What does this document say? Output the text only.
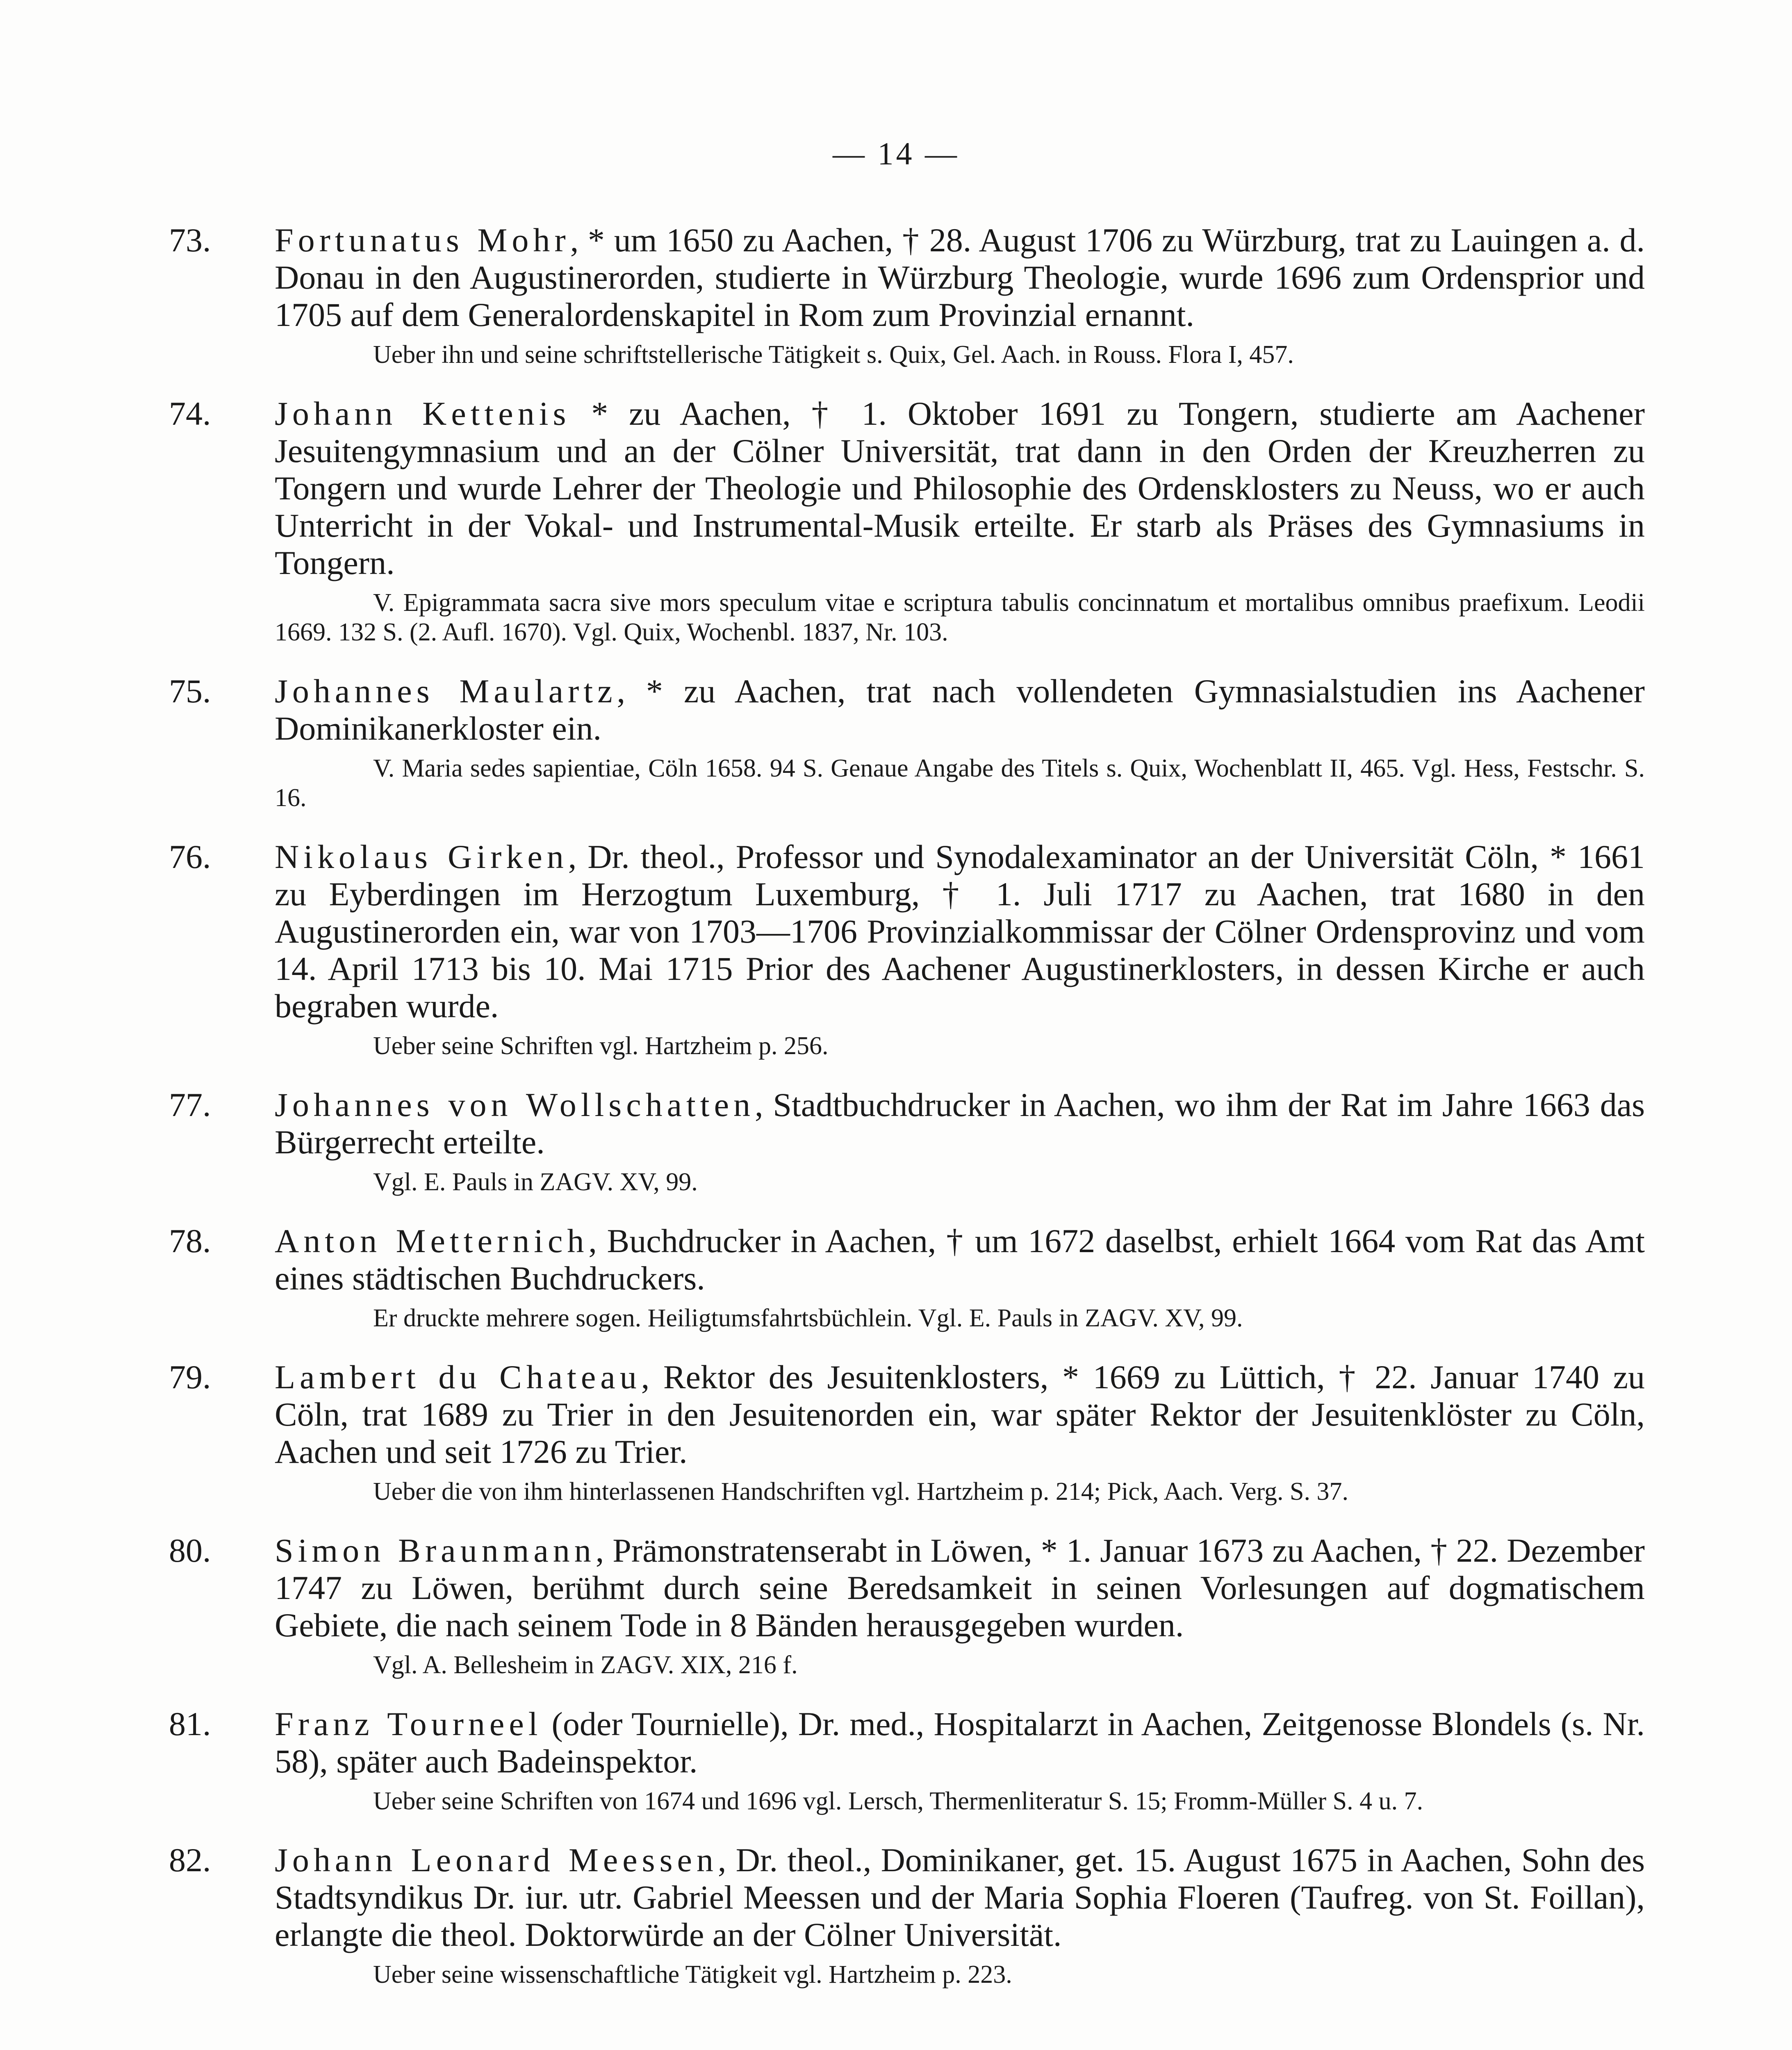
— 14 —
73. Fortunatus Mohr, * um 1650 zu Aachen, † 28. August 1706 zu Würzburg, trat zu Lauingen a. d. Donau in den Augustinerorden, studierte in Würzburg Theologie, wurde 1696 zum Ordensprior und 1705 auf dem Generalordenskapitel in Rom zum Provinzial ernannt.

Ueber ihn und seine schriftstellerische Tätigkeit s. Quix, Gel. Aach. in Rouss. Flora I, 457.

74. Johann Kettenis * zu Aachen, † 1. Oktober 1691 zu Tongern, studierte am Aachener Jesuitengymnasium und an der Cölner Universität, trat dann in den Orden der Kreuzherren zu Tongern und wurde Lehrer der Theologie und Philosophie des Ordensklosters zu Neuss, wo er auch Unterricht in der Vokal- und Instrumental-Musik erteilte. Er starb als Präses des Gymnasiums in Tongern.

V. Epigrammata sacra sive mors speculum vitae e scriptura tabulis concinnatum et mortalibus omnibus praefixum. Leodii 1669. 132 S. (2. Aufl. 1670). Vgl. Quix, Wochenbl. 1837, Nr. 103.

75. Johannes Maulartz, * zu Aachen, trat nach vollendeten Gymnasialstudien ins Aachener Dominikanerkloster ein.

V. Maria sedes sapientiae, Cöln 1658. 94 S. Genaue Angabe des Titels s. Quix, Wochenblatt II, 465. Vgl. Hess, Festschr. S. 16.

76. Nikolaus Girken, Dr. theol., Professor und Synodalexaminator an der Universität Cöln, * 1661 zu Eyberdingen im Herzogtum Luxemburg, † 1. Juli 1717 zu Aachen, trat 1680 in den Augustinerorden ein, war von 1703—1706 Provinzialkommissar der Cölner Ordensprovinz und vom 14. April 1713 bis 10. Mai 1715 Prior des Aachener Augustinerklosters, in dessen Kirche er auch begraben wurde.

Ueber seine Schriften vgl. Hartzheim p. 256.

77. Johannes von Wollschatten, Stadtbuchdrucker in Aachen, wo ihm der Rat im Jahre 1663 das Bürgerrecht erteilte.

Vgl. E. Pauls in ZAGV. XV, 99.

78. Anton Metternich, Buchdrucker in Aachen, † um 1672 daselbst, erhielt 1664 vom Rat das Amt eines städtischen Buchdruckers.

Er druckte mehrere sogen. Heiligtumsfahrtsbüchlein. Vgl. E. Pauls in ZAGV. XV, 99.

79. Lambert du Chateau, Rektor des Jesuitenklosters, * 1669 zu Lüttich, † 22. Januar 1740 zu Cöln, trat 1689 zu Trier in den Jesuitenorden ein, war später Rektor der Jesuitenklöster zu Cöln, Aachen und seit 1726 zu Trier.

Ueber die von ihm hinterlassenen Handschriften vgl. Hartzheim p. 214; Pick, Aach. Verg. S. 37.

80. Simon Braunmann, Prämonstratenserabt in Löwen, * 1. Januar 1673 zu Aachen, † 22. Dezember 1747 zu Löwen, berühmt durch seine Beredsamkeit in seinen Vorlesungen auf dogmatischem Gebiete, die nach seinem Tode in 8 Bänden herausgegeben wurden.

Vgl. A. Bellesheim in ZAGV. XIX, 216 f.

81. Franz Tourneel (oder Tournielle), Dr. med., Hospitalarzt in Aachen, Zeitgenosse Blondels (s. Nr. 58), später auch Badeinspektor.

Ueber seine Schriften von 1674 und 1696 vgl. Lersch, Thermenliteratur S. 15; Fromm-Müller S. 4 u. 7.

82. Johann Leonard Meessen, Dr. theol., Dominikaner, get. 15. August 1675 in Aachen, Sohn des Stadtsyndikus Dr. iur. utr. Gabriel Meessen und der Maria Sophia Floeren (Taufreg. von St. Foillan), erlangte die theol. Doktorwürde an der Cölner Universität.

Ueber seine wissenschaftliche Tätigkeit vgl. Hartzheim p. 223.
